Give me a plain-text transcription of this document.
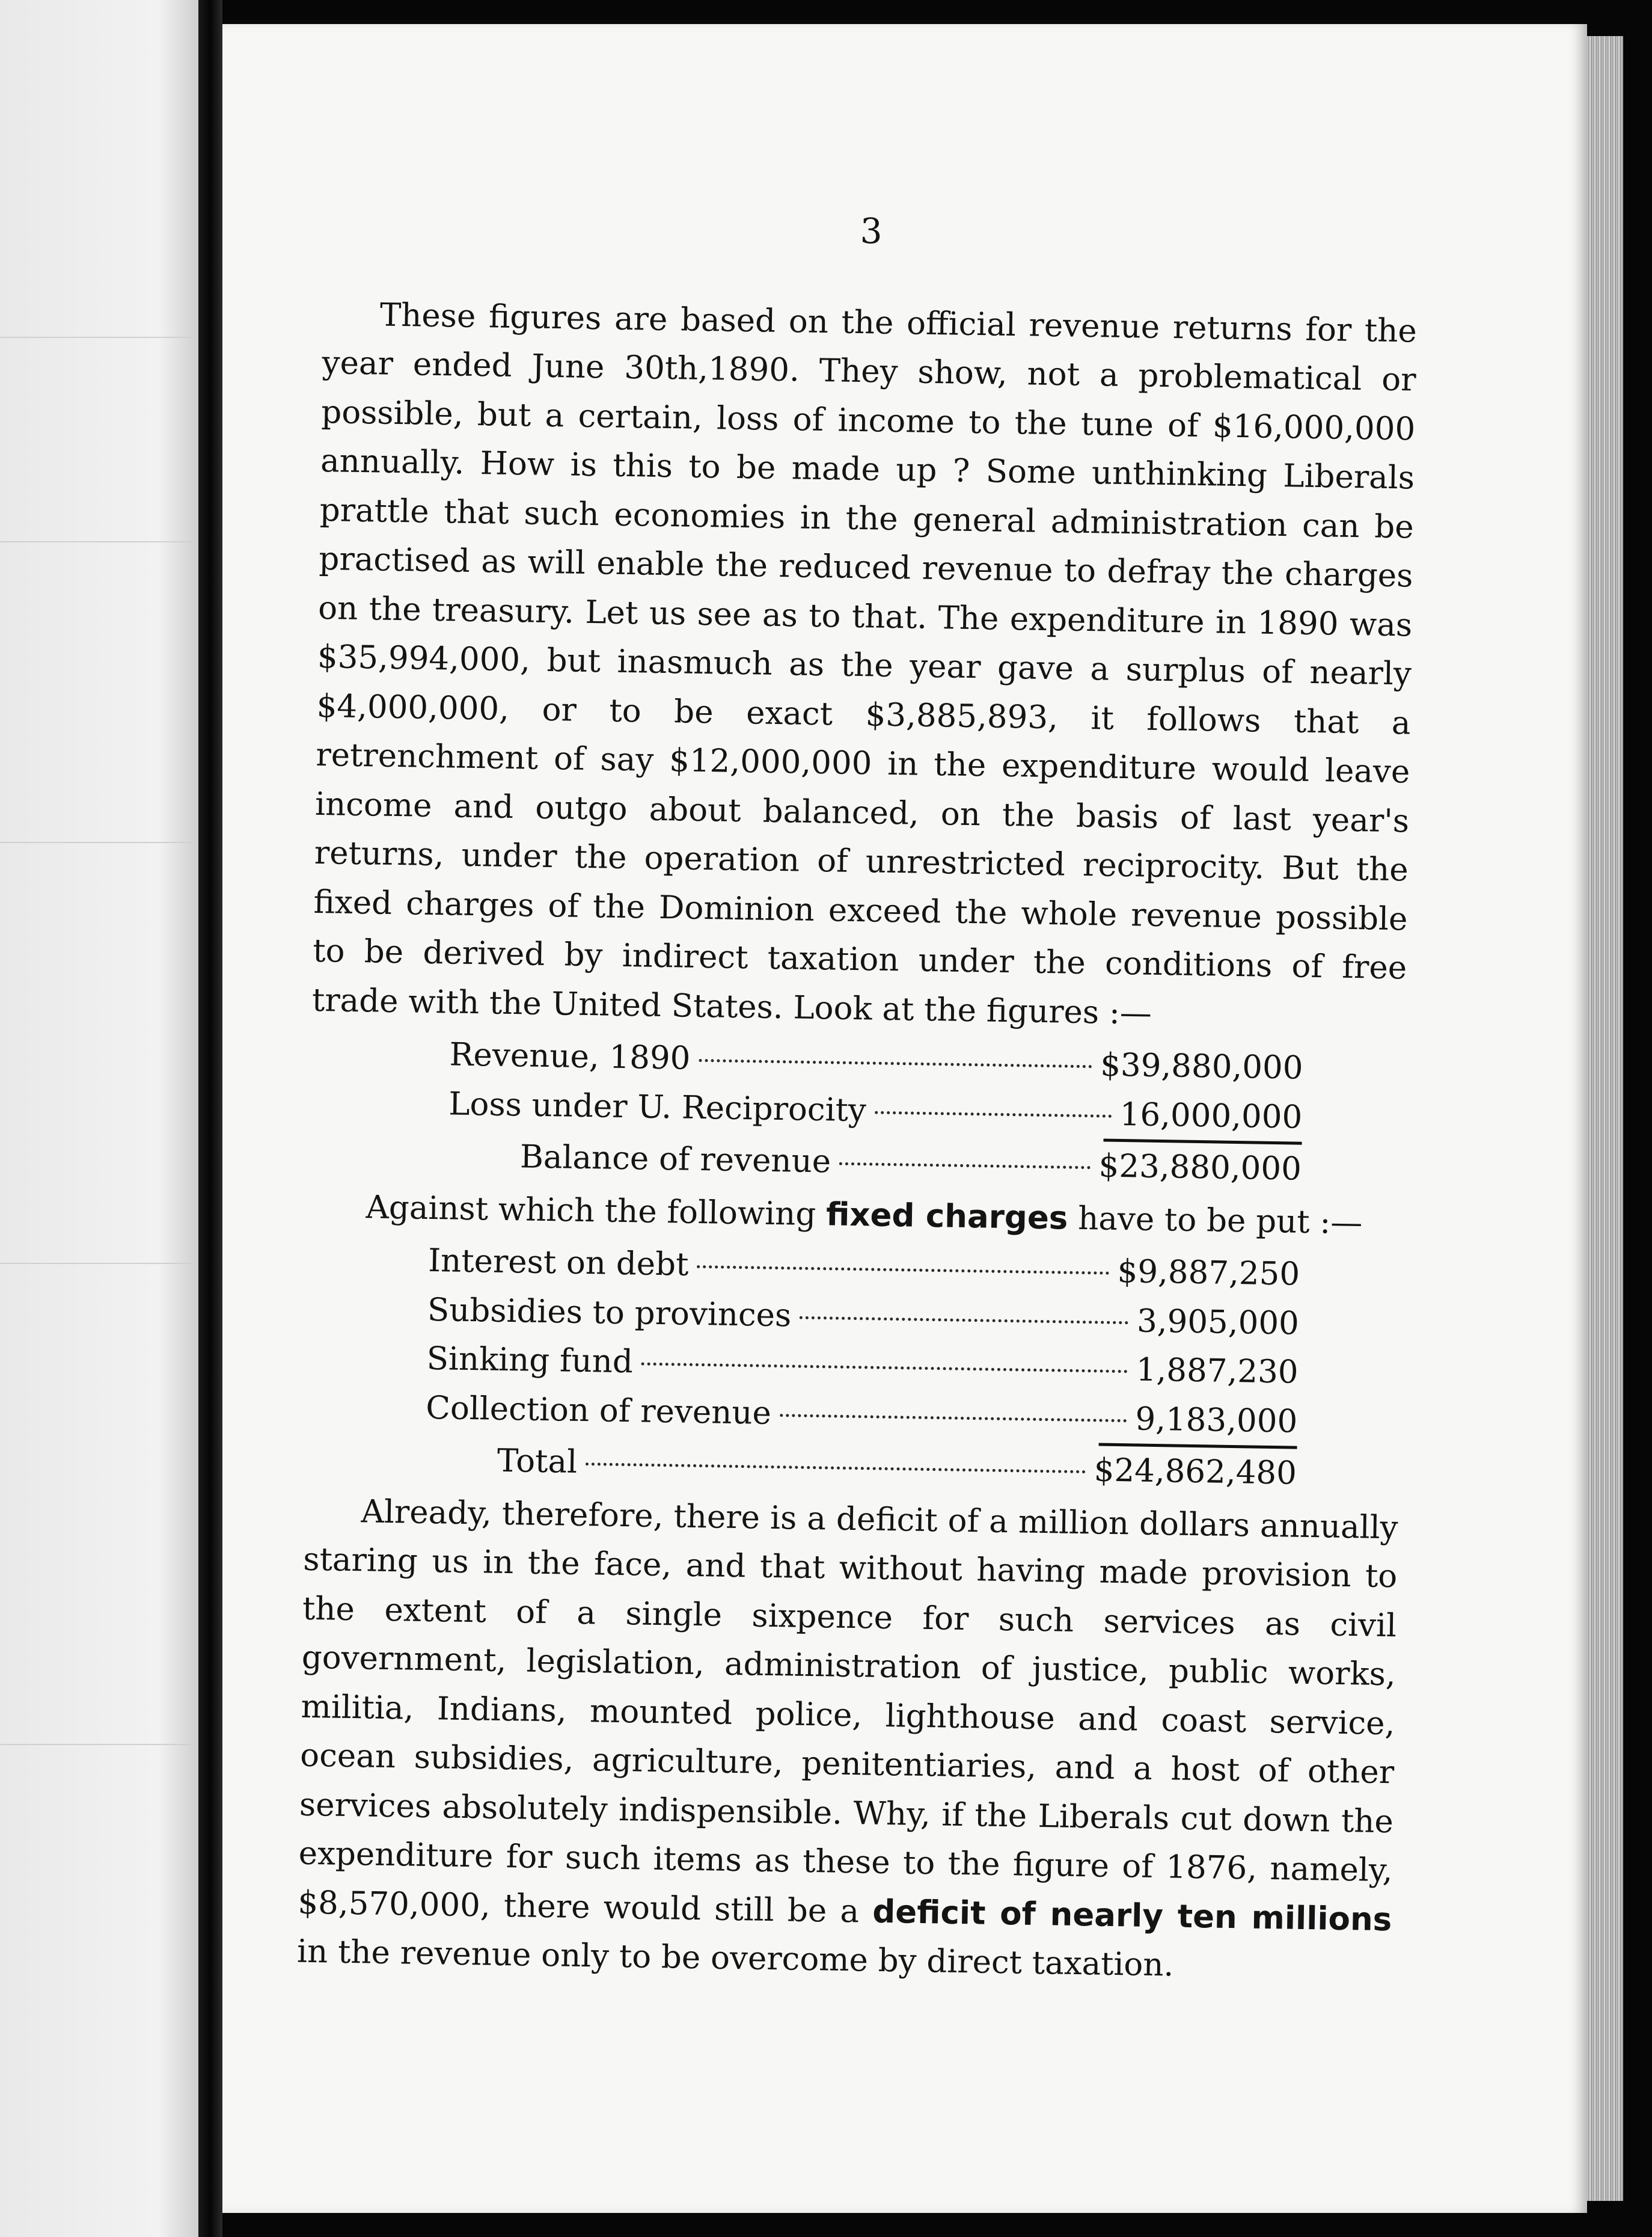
3

These figures are based on the official revenue returns for the year ended June 30th,1890. They show, not a problematical or possible, but a certain, loss of income to the tune of $16,000,000 annually. How is this to be made up ? Some unthinking Liberals prattle that such economies in the general administration can be practised as will enable the reduced revenue to defray the charges on the treasury. Let us see as to that. The expenditure in 1890 was $35,994,000, but inasmuch as the year gave a surplus of nearly $4,000,000, or to be exact $3,885,893, it follows that a retrenchment of say $12,000,000 in the expenditure would leave income and outgo about balanced, on the basis of last year's returns, under the operation of unrestricted reciprocity. But the fixed charges of the Dominion exceed the whole revenue possible to be derived by indirect taxation under the conditions of free trade with the United States. Look at the figures :—

Revenue, 1890	$39,880,000
Loss under U. Reciprocity	16,000,000
Balance of revenue	$23,880,000

Against which the following fixed charges have to be put :—

Interest on debt	$9,887,250
Subsidies to provinces	3,905,000
Sinking fund	1,887,230
Collection of revenue	9,183,000
Total	$24,862,480

Already, therefore, there is a deficit of a million dollars annually staring us in the face, and that without having made provision to the extent of a single sixpence for such services as civil government, legislation, administration of justice, public works, militia, Indians, mounted police, lighthouse and coast service, ocean subsidies, agriculture, penitentiaries, and a host of other services absolutely indispensible. Why, if the Liberals cut down the expenditure for such items as these to the figure of 1876, namely, $8,570,000, there would still be a deficit of nearly ten millions in the revenue only to be overcome by direct taxation.
